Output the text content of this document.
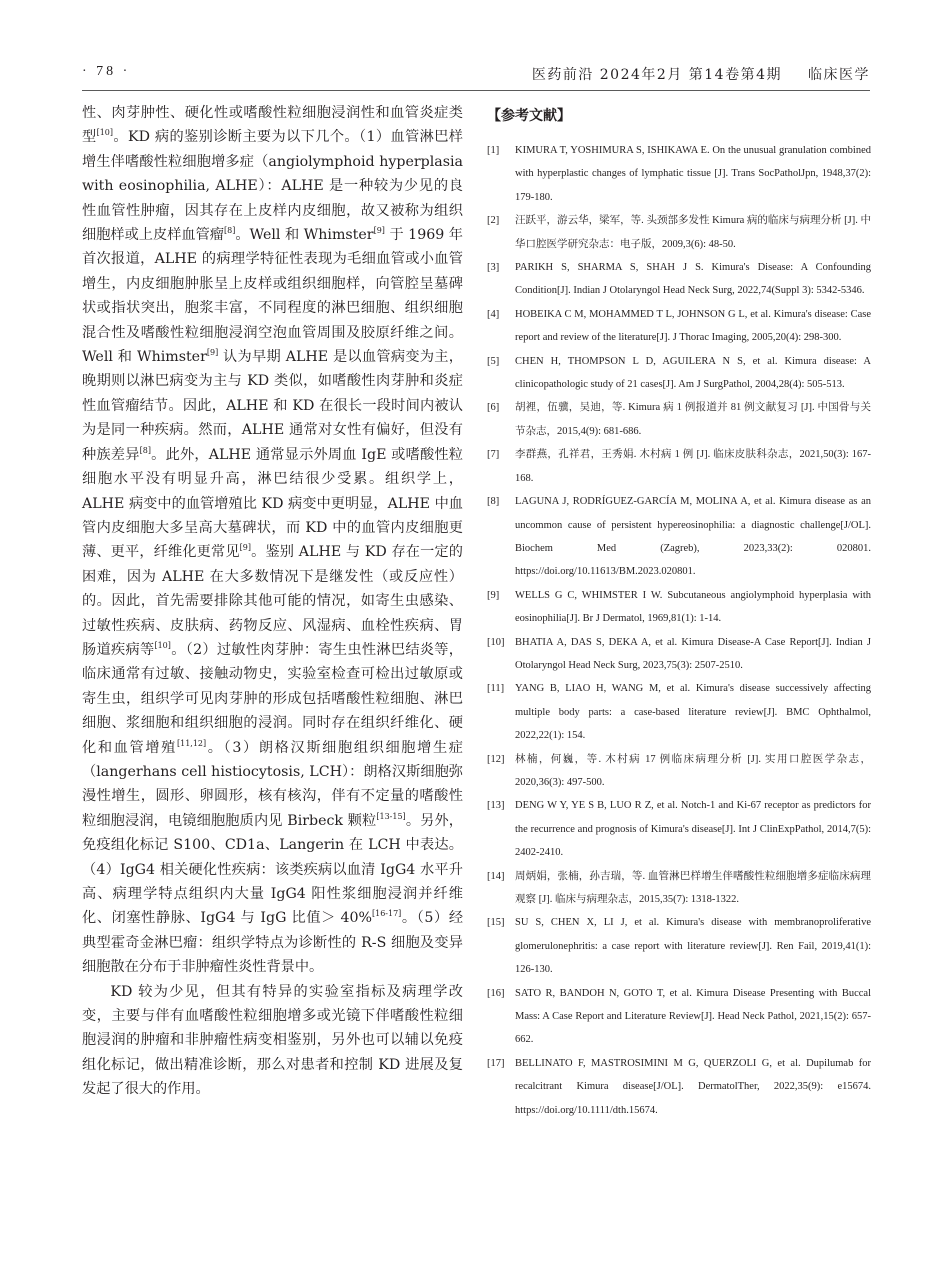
· 78 ·	医药前沿 2024年2月 第14卷第4期 临床医学

性、肉芽肿性、硬化性或嗜酸性粒细胞浸润性和血管炎症类型[10]。KD 病的鉴别诊断主要为以下几个。（1）血管淋巴样增生伴嗜酸性粒细胞增多症（angiolymphoid hyperplasia with eosinophilia, ALHE）：ALHE 是一种较为少见的良性血管性肿瘤，因其存在上皮样内皮细胞，故又被称为组织细胞样或上皮样血管瘤[8]。Well 和 Whimster[9] 于 1969 年首次报道，ALHE 的病理学特征性表现为毛细血管或小血管增生，内皮细胞肿胀呈上皮样或组织细胞样，向管腔呈墓碑状或指状突出，胞浆丰富，不同程度的淋巴细胞、组织细胞混合性及嗜酸性粒细胞浸润空泡血管周围及胶原纤维之间。Well 和 Whimster[9] 认为早期 ALHE 是以血管病变为主，晚期则以淋巴病变为主与 KD 类似，如嗜酸性肉芽肿和炎症性血管瘤结节。因此，ALHE 和 KD 在很长一段时间内被认为是同一种疾病。然而，ALHE 通常对女性有偏好，但没有种族差异[8]。此外，ALHE 通常显示外周血 IgE 或嗜酸性粒细胞水平没有明显升高，淋巴结很少受累。组织学上，ALHE 病变中的血管增殖比 KD 病变中更明显，ALHE 中血管内皮细胞大多呈高大墓碑状，而 KD 中的血管内皮细胞更薄、更平，纤维化更常见[9]。鉴别 ALHE 与 KD 存在一定的困难，因为 ALHE 在大多数情况下是继发性（或反应性）的。因此，首先需要排除其他可能的情况，如寄生虫感染、过敏性疾病、皮肤病、药物反应、风湿病、血栓性疾病、胃肠道疾病等[10]。（2）过敏性肉芽肿：寄生虫性淋巴结炎等，临床通常有过敏、接触动物史，实验室检查可检出过敏原或寄生虫，组织学可见肉芽肿的形成包括嗜酸性粒细胞、淋巴细胞、浆细胞和组织细胞的浸润。同时存在组织纤维化、硬化和血管增殖[11,12]。（3）朗格汉斯细胞组织细胞增生症（langerhans cell histiocytosis, LCH）：朗格汉斯细胞弥漫性增生，圆形、卵圆形，核有核沟，伴有不定量的嗜酸性粒细胞浸润，电镜细胞胞质内见 Birbeck 颗粒[13-15]。另外，免疫组化标记 S100、CD1a、Langerin 在 LCH 中表达。（4）IgG4 相关硬化性疾病：该类疾病以血清 IgG4 水平升高、病理学特点组织内大量 IgG4 阳性浆细胞浸润并纤维化、闭塞性静脉、IgG4 与 IgG 比值＞ 40%[16-17]。（5）经典型霍奇金淋巴瘤：组织学特点为诊断性的 R-S 细胞及变异细胞散在分布于非肿瘤性炎性背景中。

KD 较为少见，但其有特异的实验室指标及病理学改变，主要与伴有血嗜酸性粒细胞增多或光镜下伴嗜酸性粒细胞浸润的肿瘤和非肿瘤性病变相鉴别，另外也可以辅以免疫组化标记，做出精准诊断，那么对患者和控制 KD 进展及复发起了很大的作用。

【参考文献】
[1]	KIMURA T, YOSHIMURA S, ISHIKAWA E. On the unusual granulation combined with hyperplastic changes of lymphatic tissue [J]. Trans SocPatholJpn, 1948,37(2): 179-180.
[2]	汪跃平，游云华，梁军，等. 头颈部多发性 Kimura 病的临床与病理分析 [J]. 中华口腔医学研究杂志：电子版，2009,3(6): 48-50.
[3]	PARIKH S, SHARMA S, SHAH J S. Kimura's Disease: A Confounding Condition[J]. Indian J Otolaryngol Head Neck Surg, 2022,74(Suppl 3): 5342-5346.
[4]	HOBEIKA C M, MOHAMMED T L, JOHNSON G L, et al. Kimura's disease: Case report and review of the literature[J]. J Thorac Imaging, 2005,20(4): 298-300.
[5]	CHEN H, THOMPSON L D, AGUILERA N S, et al. Kimura disease: A clinicopathologic study of 21 cases[J]. Am J SurgPathol, 2004,28(4): 505-513.
[6]	胡裡，伍骥，吴迪，等. Kimura 病 1 例报道并 81 例文献复习 [J]. 中国骨与关节杂志，2015,4(9): 681-686.
[7]	李群燕，孔祥君，王秀娟. 木村病 1 例 [J]. 临床皮肤科杂志，2021,50(3): 167-168.
[8]	LAGUNA J, RODRÍGUEZ-GARCÍA M, MOLINA A, et al. Kimura disease as an uncommon cause of persistent hypereosinophilia: a diagnostic challenge[J/OL]. Biochem Med (Zagreb), 2023,33(2): 020801. https://doi.org/10.11613/BM.2023.020801.
[9]	WELLS G C, WHIMSTER I W. Subcutaneous angiolymphoid hyperplasia with eosinophilia[J]. Br J Dermatol, 1969,81(1): 1-14.
[10]	BHATIA A, DAS S, DEKA A, et al. Kimura Disease-A Case Report[J]. Indian J Otolaryngol Head Neck Surg, 2023,75(3): 2507-2510.
[11]	YANG B, LIAO H, WANG M, et al. Kimura's disease successively affecting multiple body parts: a case-based literature review[J]. BMC Ophthalmol, 2022,22(1): 154.
[12]	林楠，何巍，等. 木村病 17 例临床病理分析 [J]. 实用口腔医学杂志，2020,36(3): 497-500.
[13]	DENG W Y, YE S B, LUO R Z, et al. Notch-1 and Ki-67 receptor as predictors for the recurrence and prognosis of Kimura's disease[J]. Int J ClinExpPathol, 2014,7(5): 2402-2410.
[14]	周炳娟，张楠，孙吉瑞，等. 血管淋巴样增生伴嗜酸性粒细胞增多症临床病理观察 [J]. 临床与病理杂志，2015,35(7): 1318-1322.
[15]	SU S, CHEN X, LI J, et al. Kimura's disease with membranoproliferative glomerulonephritis: a case report with literature review[J]. Ren Fail, 2019,41(1): 126-130.
[16]	SATO R, BANDOH N, GOTO T, et al. Kimura Disease Presenting with Buccal Mass: A Case Report and Literature Review[J]. Head Neck Pathol, 2021,15(2): 657-662.
[17]	BELLINATO F, MASTROSIMINI M G, QUERZOLI G, et al. Dupilumab for recalcitrant Kimura disease[J/OL]. DermatolTher, 2022,35(9): e15674. https://doi.org/10.1111/dth.15674.
